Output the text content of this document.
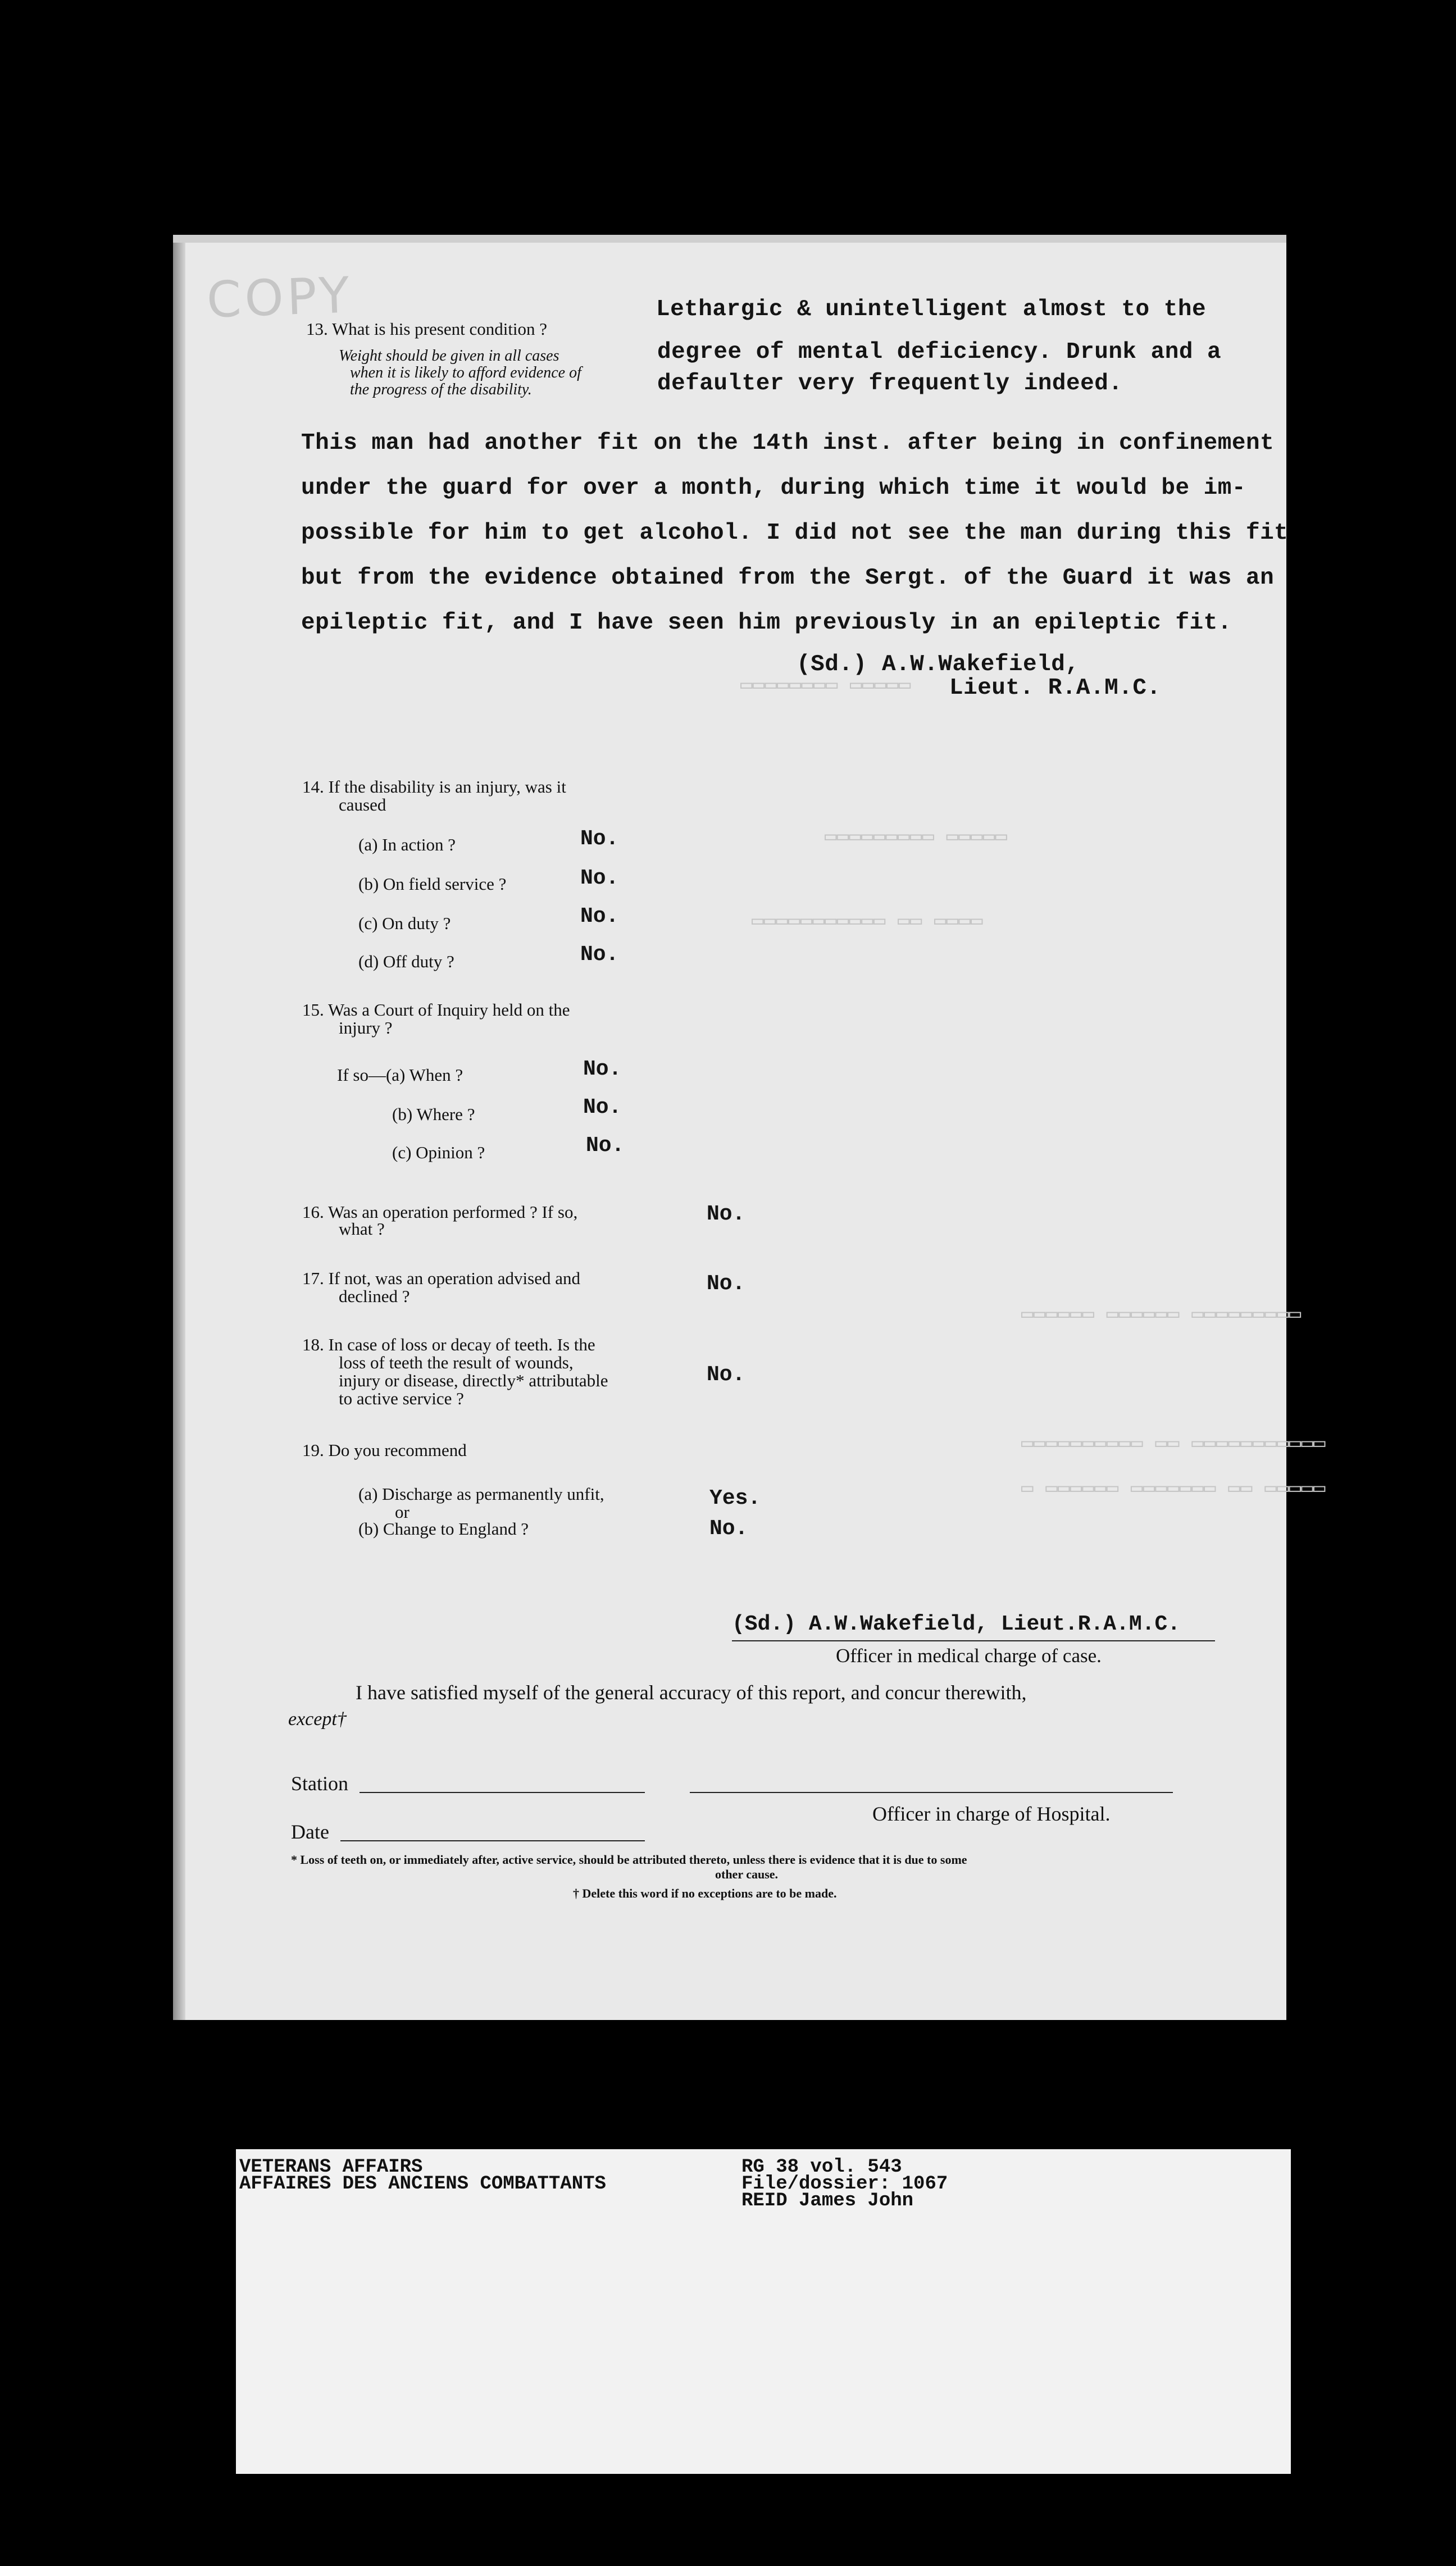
COPY
▭▭▭▭▭▭▭▭ ▭▭▭▭▭
▭▭▭▭▭▭▭▭▭ ▭▭▭▭▭
▭▭▭▭▭▭▭▭▭▭▭ ▭▭ ▭▭▭▭
▭▭▭▭▭▭ ▭▭▭▭▭▭ ▭▭▭▭▭▭▭▭▭
▭▭▭▭▭▭▭▭▭▭ ▭▭ ▭▭▭▭▭▭▭▭▭▭▭
▭ ▭▭▭▭▭▭ ▭▭▭▭▭▭▭ ▭▭ ▭▭▭▭▭
13. What is his present condition ?
Weight should be given in all cases
when it is likely to afford evidence of
the progress of the disability.
Lethargic & unintelligent almost to the
degree of mental deficiency. Drunk and a
defaulter very frequently indeed.
This man had another fit on the 14th inst. after being in confinement
under the guard for over a month, during which time it would be im-
possible for him to get alcohol. I did not see the man during this fit
but from the evidence obtained from the Sergt. of the Guard it was an
epileptic fit, and I have seen him previously in an epileptic fit.
(Sd.) A.W.Wakefield,
Lieut. R.A.M.C.
14. If the disability is an injury, was it
caused
(a) In action ?	No.
(b) On field service ?	No.
(c) On duty ?	No.
(d) Off duty ?	No.
15. Was a Court of Inquiry held on the
injury ?
If so—(a) When ?	No.
(b) Where ?	No.
(c) Opinion ?	No.
16. Was an operation performed ? If so,
what ?
No.
17. If not, was an operation advised and
declined ?
No.
18. In case of loss or decay of teeth. Is the
loss of teeth the result of wounds,
injury or disease, directly* attributable
to active service ?
No.
19. Do you recommend
(a) Discharge as permanently unfit,	Yes.
or
(b) Change to England ?	No.
(Sd.) A.W.Wakefield, Lieut.R.A.M.C.
Officer in medical charge of case.
I have satisfied myself of the general accuracy of this report, and concur therewith,
except†
Station
Officer in charge of Hospital.
Date
* Loss of teeth on, or immediately after, active service, should be attributed thereto, unless there is evidence that it is due to some
other cause.
† Delete this word if no exceptions are to be made.
VETERANS AFFAIRS
AFFAIRES DES ANCIENS COMBATTANTS
RG 38 vol. 543
File/dossier: 1067
REID James John
